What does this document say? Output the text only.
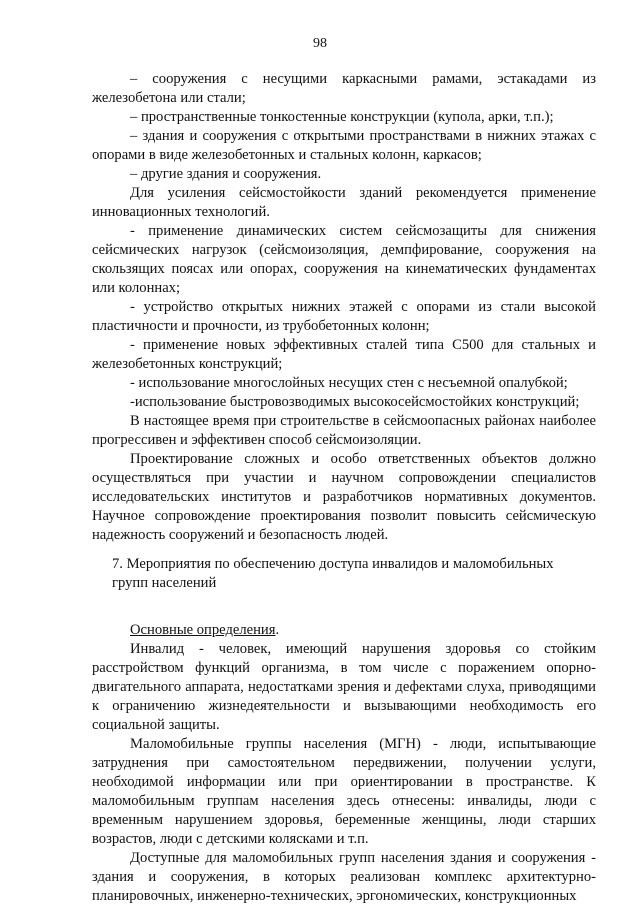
98

– сооружения с несущими каркасными рамами, эстакадами из железобетона или стали;

– пространственные тонкостенные конструкции (купола, арки, т.п.);

– здания и сооружения с открытыми пространствами в нижних этажах с опорами в виде железобетонных и стальных колонн, каркасов;

– другие здания и сооружения.

Для усиления сейсмостойкости зданий рекомендуется применение инновационных технологий.

- применение динамических систем сейсмозащиты для снижения сейсмических нагрузок (сейсмоизоляция, демпфирование, сооружения на скользящих поясах или опорах, сооружения на кинематических фундаментах или колоннах;

- устройство открытых нижних этажей с опорами из стали высокой пластичности и прочности, из трубобетонных колонн;

- применение новых эффективных сталей типа С500 для стальных и железобетонных конструкций;

- использование многослойных несущих стен с несъемной опалубкой;

-использование быстровозводимых высокосейсмостойких конструкций;

В настоящее время при строительстве в сейсмоопасных районах наиболее прогрессивен и эффективен способ сейсмоизоляции.

Проектирование сложных и особо ответственных объектов должно осуществляться при участии и научном сопровождении специалистов исследовательских институтов и разработчиков нормативных документов. Научное сопровождение проектирования позволит повысить сейсмическую надежность сооружений и безопасность людей.

7. Мероприятия по обеспечению доступа инвалидов и маломобильных
групп населений

Основные определения.

Инвалид - человек, имеющий нарушения здоровья со стойким расстройством функций организма, в том числе с поражением опорно-двигательного аппарата, недостатками зрения и дефектами слуха, приводящими к ограничению жизнедеятельности и вызывающими необходимость его социальной защиты.

Маломобильные группы населения (МГН) - люди, испытывающие затруднения при самостоятельном передвижении, получении услуги, необходимой информации или при ориентировании в пространстве. К маломобильным группам населения здесь отнесены: инвалиды, люди с временным нарушением здоровья, беременные женщины, люди старших возрастов, люди с детскими колясками и т.п.

Доступные для маломобильных групп населения здания и сооружения - здания и сооружения, в которых реализован комплекс архитектурно-планировочных, инженерно-технических, эргономических, конструкционных
